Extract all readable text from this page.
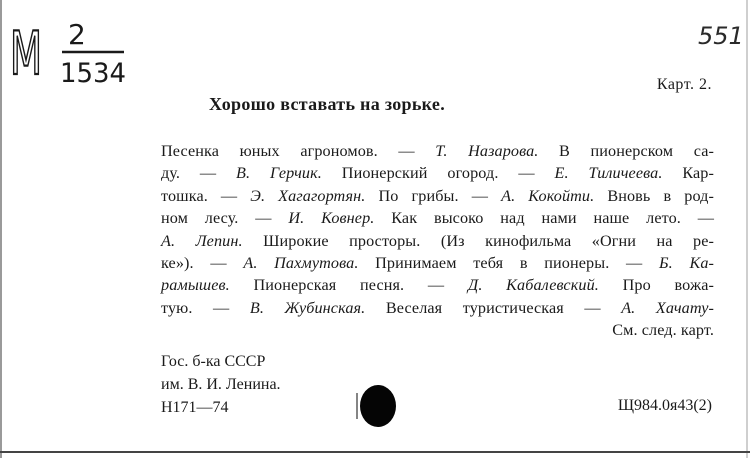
М 2
1534
551
Карт. 2.
Хорошо вставать на зорьке.
Песенка юных агрономов. — Т. Назарова. В пионерском са-
ду. — В. Герчик. Пионерский огород. — Е. Тиличеева. Кар-
тошка. — Э. Хагагортян. По грибы. — А. Кокойти. Вновь в род-
ном лесу. — И. Ковнер. Как высоко над нами наше лето. —
А. Лепин. Широкие просторы. (Из кинофильма «Огни на ре-
ке»). — А. Пахмутова. Принимаем тебя в пионеры. — Б. Ка-
рамышев. Пионерская песня. — Д. Кабалевский. Про вожа-
тую. — В. Жубинская. Веселая туристическая — А. Хачату-
См. след. карт.
Гос. б-ка СССР
им. В. И. Ленина.
Н171—74	Щ984.0я43(2)
